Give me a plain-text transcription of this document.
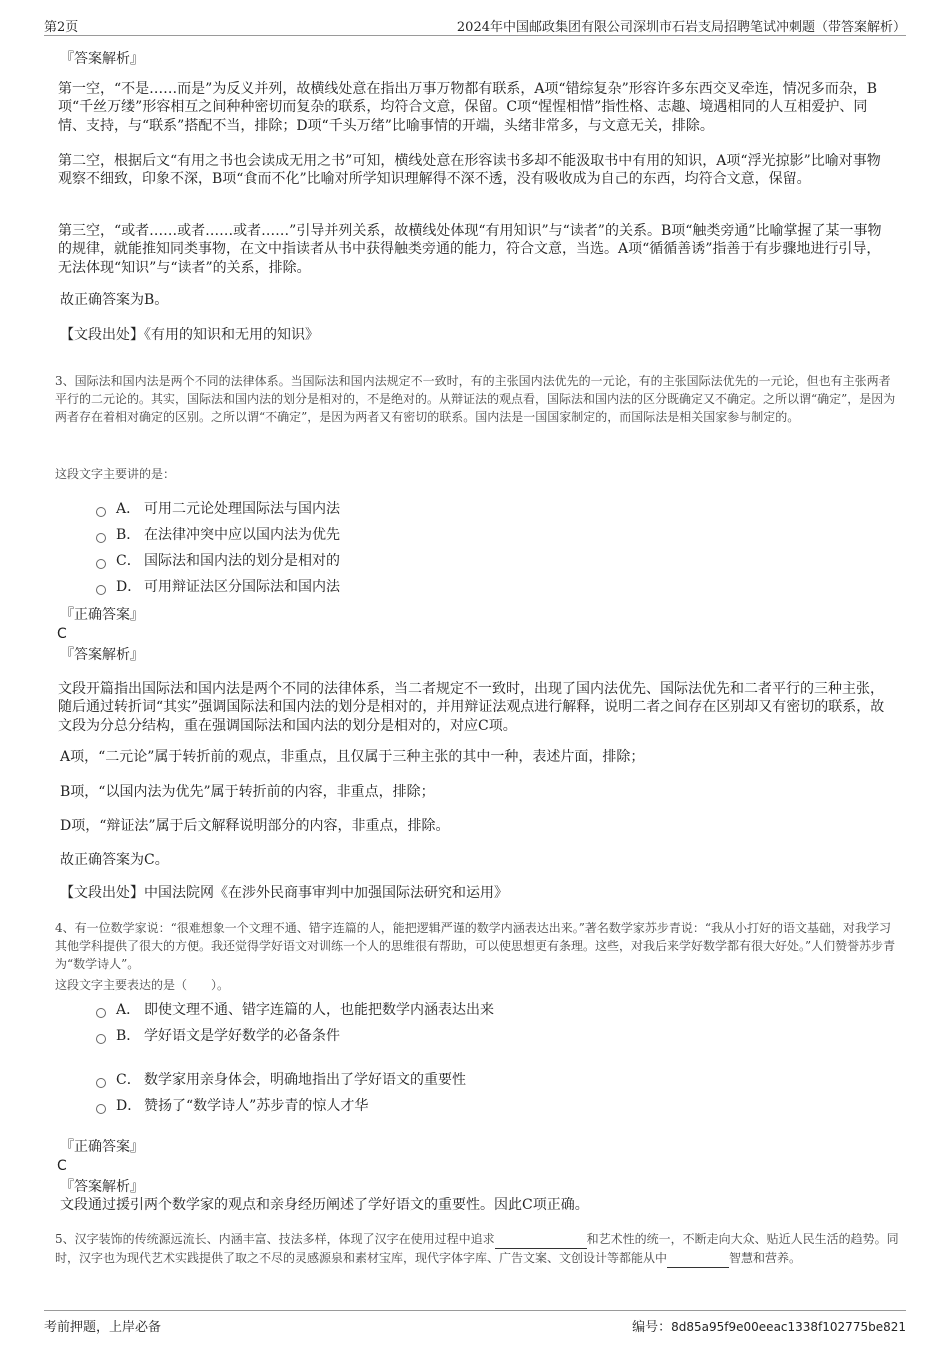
第2页	2024年中国邮政集团有限公司深圳市石岩支局招聘笔试冲刺题（带答案解析）
『答案解析』
第一空，“不是……而是”为反义并列，故横线处意在指出万事万物都有联系，A项“错综复杂”形容许多东西交叉牵连，情况多而杂，B项“千丝万缕”形容相互之间种种密切而复杂的联系，均符合文意，保留。C项“惺惺相惜”指性格、志趣、境遇相同的人互相爱护、同情、支持，与“联系”搭配不当，排除；D项“千头万绪”比喻事情的开端，头绪非常多，与文意无关，排除。
第二空，根据后文“有用之书也会读成无用之书”可知，横线处意在形容读书多却不能汲取书中有用的知识，A项“浮光掠影”比喻对事物观察不细致，印象不深，B项“食而不化”比喻对所学知识理解得不深不透，没有吸收成为自己的东西，均符合文意，保留。
第三空，“或者……或者……或者……”引导并列关系，故横线处体现“有用知识”与“读者”的关系。B项“触类旁通”比喻掌握了某一事物的规律，就能推知同类事物，在文中指读者从书中获得触类旁通的能力，符合文意，当选。A项“循循善诱”指善于有步骤地进行引导，无法体现“知识”与“读者”的关系，排除。
故正确答案为B。
【文段出处】《有用的知识和无用的知识》
3、国际法和国内法是两个不同的法律体系。当国际法和国内法规定不一致时，有的主张国内法优先的一元论，有的主张国际法优先的一元论，但也有主张两者平行的二元论的。其实，国际法和国内法的划分是相对的，不是绝对的。从辩证法的观点看，国际法和国内法的区分既确定又不确定。之所以谓“确定”，是因为两者存在着相对确定的区别。之所以谓“不确定”，是因为两者又有密切的联系。国内法是一国国家制定的，而国际法是相关国家参与制定的。
这段文字主要讲的是：
A． 可用二元论处理国际法与国内法
B． 在法律冲突中应以国内法为优先
C． 国际法和国内法的划分是相对的
D． 可用辩证法区分国际法和国内法
『正确答案』
C
『答案解析』
文段开篇指出国际法和国内法是两个不同的法律体系，当二者规定不一致时，出现了国内法优先、国际法优先和二者平行的三种主张，随后通过转折词“其实”强调国际法和国内法的划分是相对的，并用辩证法观点进行解释，说明二者之间存在区别却又有密切的联系，故文段为分总分结构，重在强调国际法和国内法的划分是相对的，对应C项。
A项，“二元论”属于转折前的观点，非重点，且仅属于三种主张的其中一种，表述片面，排除；
B项，“以国内法为优先”属于转折前的内容，非重点，排除；
D项，“辩证法”属于后文解释说明部分的内容，非重点，排除。
故正确答案为C。
【文段出处】中国法院网《在涉外民商事审判中加强国际法研究和运用》
4、有一位数学家说：“很难想象一个文理不通、错字连篇的人，能把逻辑严谨的数学内涵表达出来。”著名数学家苏步青说：“我从小打好的语文基础，对我学习其他学科提供了很大的方便。我还觉得学好语文对训练一个人的思维很有帮助，可以使思想更有条理。这些，对我后来学好数学都有很大好处。”人们赞誉苏步青为“数学诗人”。
这段文字主要表达的是（　　）。
A． 即使文理不通、错字连篇的人，也能把数学内涵表达出来
B． 学好语文是学好数学的必备条件
C． 数学家用亲身体会，明确地指出了学好语文的重要性
D． 赞扬了“数学诗人”苏步青的惊人才华
『正确答案』
C
『答案解析』
文段通过援引两个数学家的观点和亲身经历阐述了学好语文的重要性。因此C项正确。
5、汉字装饰的传统源远流长、内涵丰富、技法多样，体现了汉字在使用过程中追求	和艺术性的统一，不断走向大众、贴近人民生活的趋势。同时，汉字也为现代艺术实践提供了取之不尽的灵感源泉和素材宝库，现代字体字库、广告文案、文创设计等都能从中	智慧和营养。
考前押题，上岸必备	编号：8d85a95f9e00eeac1338f102775be821
